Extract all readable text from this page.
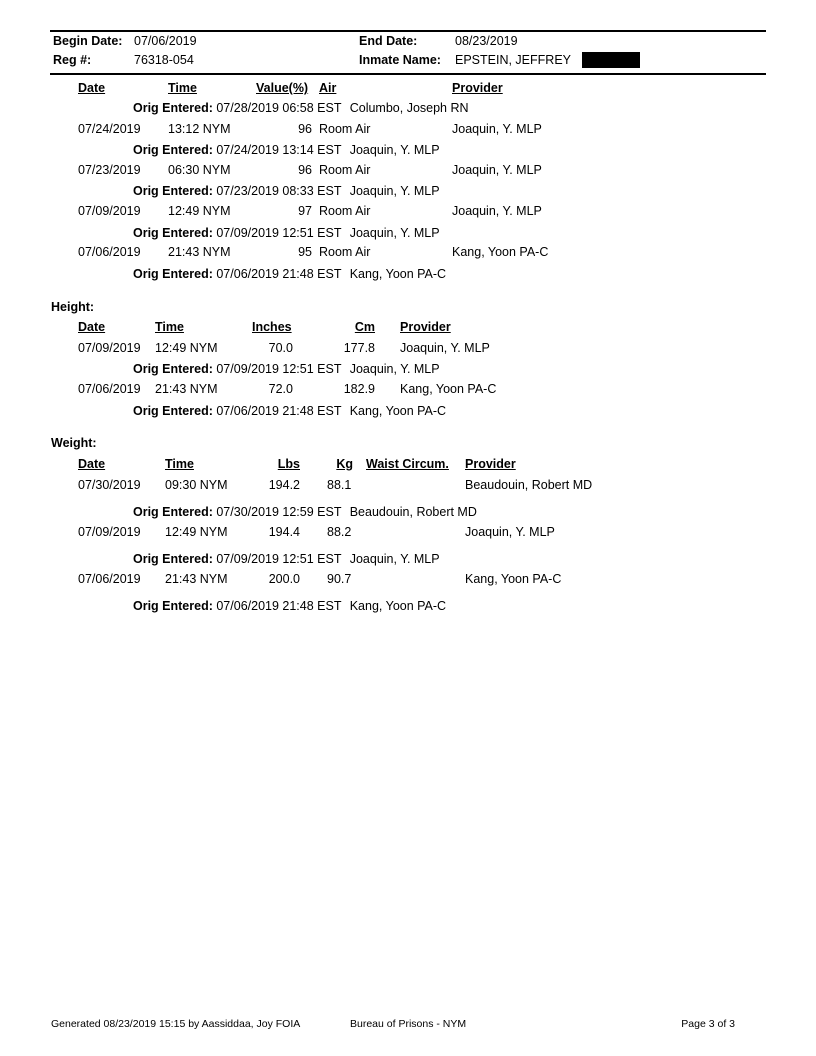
Begin Date: 07/06/2019	End Date:	08/23/2019
Reg #:	76318-054	Inmate Name: EPSTEIN, JEFFREY
Date	Time	Value(%) Air	Provider
Orig Entered: 07/28/2019 06:58 EST Columbo, Joseph RN
07/24/2019 13:12 NYM	96 Room Air	Joaquin, Y. MLP
Orig Entered: 07/24/2019 13:14 EST Joaquin, Y. MLP
07/23/2019 06:30 NYM	96 Room Air	Joaquin, Y. MLP
Orig Entered: 07/23/2019 08:33 EST Joaquin, Y. MLP
07/09/2019 12:49 NYM	97 Room Air	Joaquin, Y. MLP
Orig Entered: 07/09/2019 12:51 EST Joaquin, Y. MLP
07/06/2019 21:43 NYM	95 Room Air	Kang, Yoon PA-C
Orig Entered: 07/06/2019 21:48 EST Kang, Yoon PA-C
Height:
Date	Time	Inches	Cm Provider
07/09/2019 12:49 NYM	70.0	177.8 Joaquin, Y. MLP
Orig Entered: 07/09/2019 12:51 EST Joaquin, Y. MLP
07/06/2019 21:43 NYM	72.0	182.9 Kang, Yoon PA-C
Orig Entered: 07/06/2019 21:48 EST Kang, Yoon PA-C
Weight:
Date	Time	Lbs	Kg Waist Circum. Provider
07/30/2019 09:30 NYM	194.2 88.1	Beaudouin, Robert MD
Orig Entered: 07/30/2019 12:59 EST Beaudouin, Robert MD
07/09/2019 12:49 NYM	194.4 88.2	Joaquin, Y. MLP
Orig Entered: 07/09/2019 12:51 EST Joaquin, Y. MLP
07/06/2019 21:43 NYM	200.0 90.7	Kang, Yoon PA-C
Orig Entered: 07/06/2019 21:48 EST Kang, Yoon PA-C
Generated 08/23/2019 15:15 by Aassiddaa, Joy FOIA	Bureau of Prisons - NYM	Page 3 of 3
